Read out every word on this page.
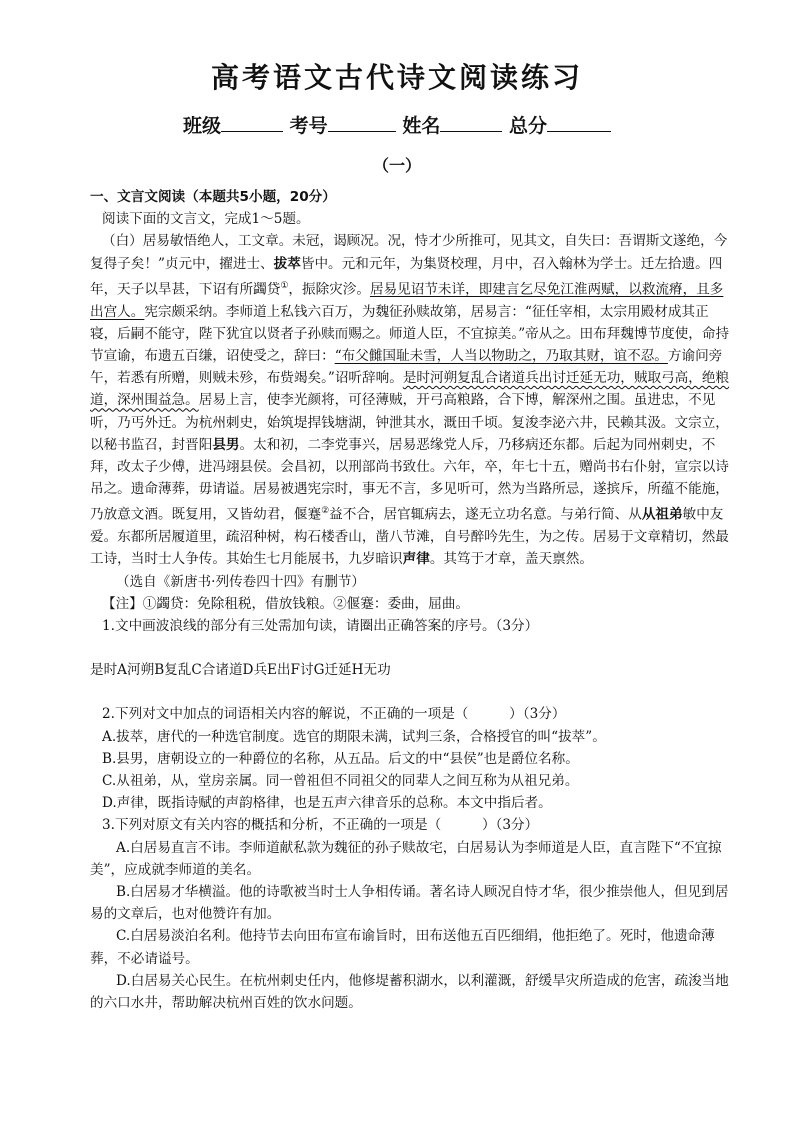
高考语文古代诗文阅读练习
班级	考号	姓名	总分
（一）

一、文言文阅读（本题共5小题，20分）

阅读下面的文言文，完成1～5题。

（白）居易敏悟绝人，工文章。未冠，谒顾况。况，恃才少所推可，见其文，自失曰：吾谓斯文遂绝，今复得子矣！”贞元中，擢进士、拔萃皆中。元和元年，为集贤校理，月中，召入翰林为学士。迁左拾遗。四年，天子以旱甚，下诏有所蠲贷①，振除灾沴。居易见诏节未详，即建言乞尽免江淮两赋，以救流瘠，且多出宫人。宪宗颇采纳。李师道上私钱六百万，为魏征孙赎故第，居易言：“征任宰相，太宗用殿材成其正寝，后嗣不能守，陛下犹宜以贤者子孙赎而赐之。师道人臣，不宜掠美。”帝从之。田布拜魏博节度使，命持节宣谕，布遗五百缣，诏使受之，辞曰：“布父雠国耻未雪，人当以物助之，乃取其财，谊不忍。方谕问旁午，若悉有所赠，则贼未殄，布赀竭矣。”诏听辞响。是时河朔复乱合诸道兵出讨迁延无功，贼取弓高，绝粮道，深州围益急。居易上言，使李光颜将，可径薄贼，开弓高粮路，合下博，解深州之围。虽进忠，不见听，乃丐外迁。为杭州刺史，始筑堤捍钱塘湖，钟泄其水，溉田千顷。复浚李泌六井，民赖其汲。文宗立，以秘书监召，封晋阳县男。太和初，二李党事兴，居易恶缘党人斥，乃移病还东都。后起为同州刺史，不拜，改太子少傅，进冯翊县侯。会昌初，以刑部尚书致仕。六年，卒，年七十五，赠尚书右仆射，宣宗以诗吊之。遗命薄葬，毋请谥。居易被遇宪宗时，事无不言，多见听可，然为当路所忌，遂摈斥，所蕴不能施，乃放意文酒。既复用，又皆幼君，偃蹇②益不合，居官辄病去，遂无立功名意。与弟行简、从从祖弟敏中友爱。东都所居履道里，疏沼种树，构石楼香山，凿八节滩，自号醉吟先生，为之传。居易于文章精切，然最工诗，当时士人争传。其始生七月能展书，九岁暗识声律。其笃于才章，盖天禀然。

（选自《新唐书·列传卷四十四》有删节）

【注】①蠲贷：免除租税，借放钱粮。②偃蹇：委曲，屈曲。

1.文中画波浪线的部分有三处需加句读，请圈出正确答案的序号。（3分）

是时A河朔B复乱C合诸道D兵E出F讨G迁延H无功

2.下列对文中加点的词语相关内容的解说，不正确的一项是（　　　）（3分）

A.拔萃，唐代的一种选官制度。选官的期限未满，试判三条，合格授官的叫“拔萃”。

B.县男，唐朝设立的一种爵位的名称，从五品。后文的中“县侯”也是爵位名称。

C.从祖弟，从，堂房亲属。同一曾祖但不同祖父的同辈人之间互称为从祖兄弟。

D.声律，既指诗赋的声韵格律，也是五声六律音乐的总称。本文中指后者。

3.下列对原文有关内容的概括和分析，不正确的一项是（　　　）（3分）

A.白居易直言不讳。李师道献私款为魏征的孙子赎故宅，白居易认为李师道是人臣，直言陛下“不宜掠美”，应成就李师道的美名。

B.白居易才华横溢。他的诗歌被当时士人争相传诵。著名诗人顾况自恃才华，很少推崇他人，但见到居易的文章后，也对他赞许有加。

C.白居易淡泊名利。他持节去向田布宣布谕旨时，田布送他五百匹细绢，他拒绝了。死时，他遗命薄葬，不必请谥号。

D.白居易关心民生。在杭州刺史任内，他修堤蓄积湖水，以利灌溉，舒缓旱灾所造成的危害，疏浚当地的六口水井，帮助解决杭州百姓的饮水问题。
